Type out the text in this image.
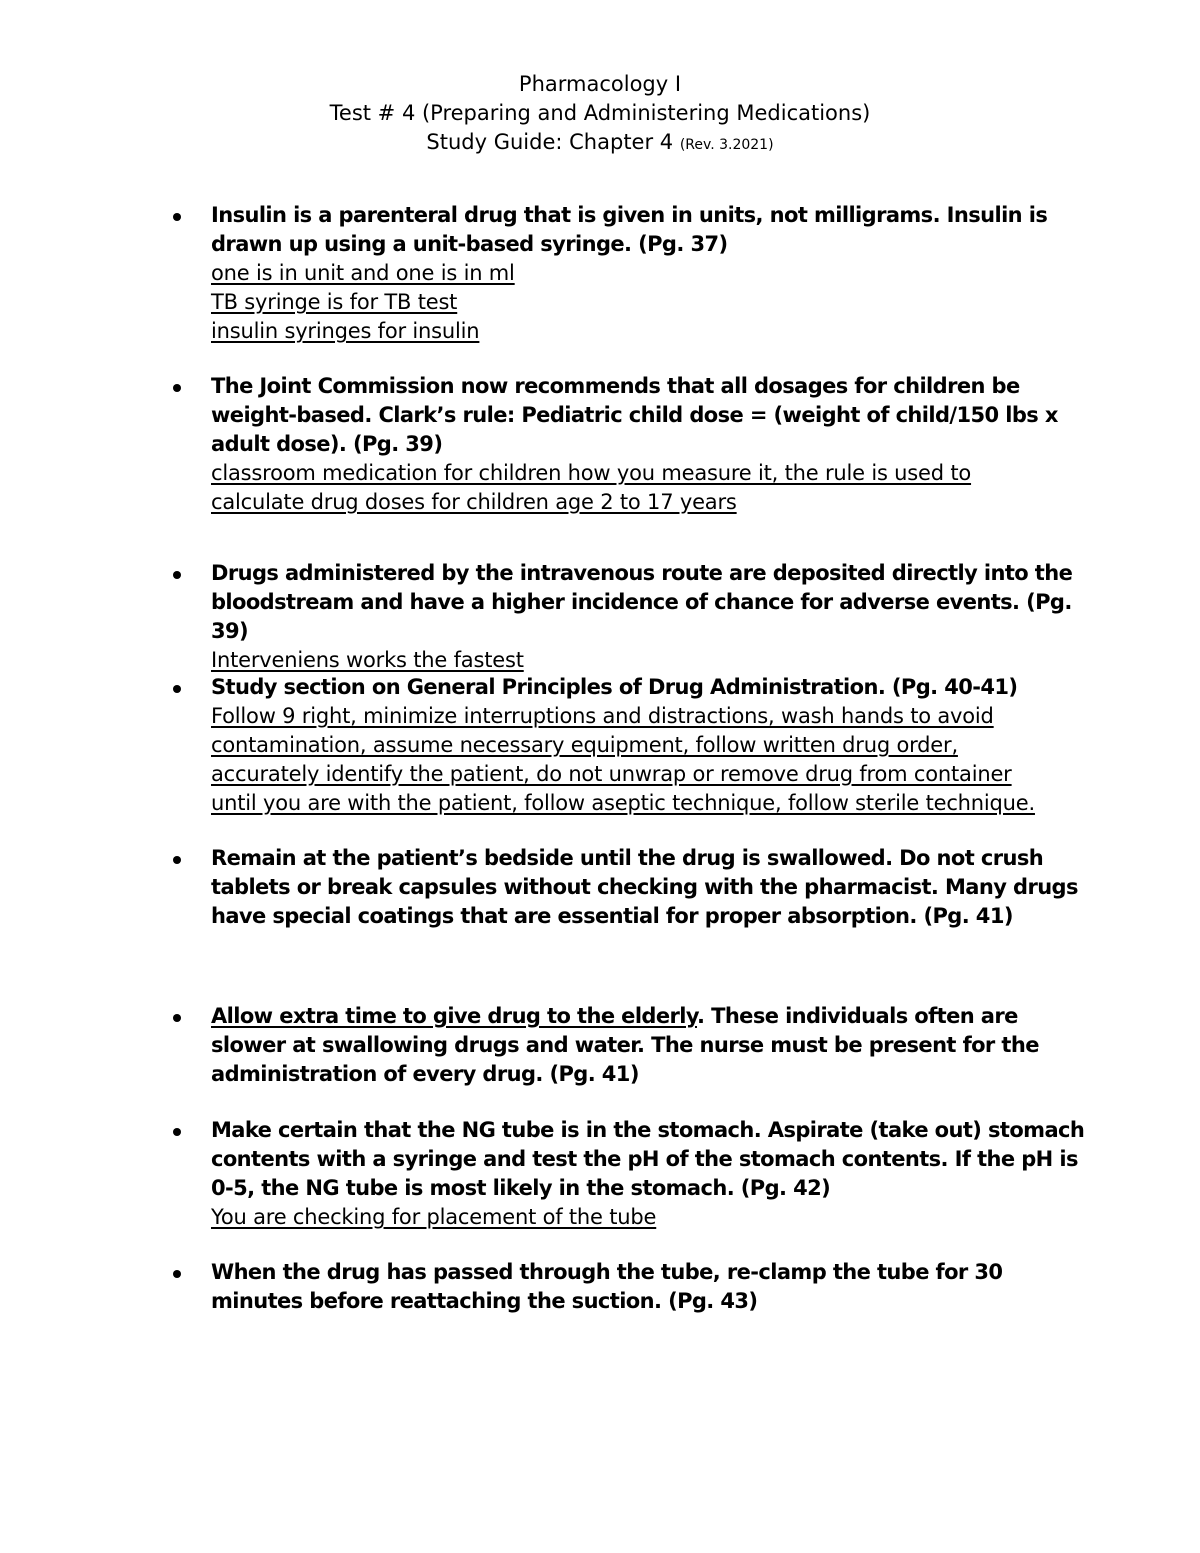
Pharmacology I
Test # 4 (Preparing and Administering Medications)
Study Guide: Chapter 4 (Rev. 3.2021)
Insulin is a parenteral drug that is given in units, not milligrams. Insulin is drawn up using a unit-based syringe. (Pg. 37)
one is in unit and one is in ml
TB syringe is for TB test
insulin syringes for insulin
The Joint Commission now recommends that all dosages for children be weight-based. Clark’s rule: Pediatric child dose = (weight of child/150 lbs x adult dose). (Pg. 39)
classroom medication for children how you measure it, the rule is used to calculate drug doses for children age 2 to 17 years
Drugs administered by the intravenous route are deposited directly into the bloodstream and have a higher incidence of chance for adverse events. (Pg. 39)
Interveniens works the fastest
Study section on General Principles of Drug Administration. (Pg. 40-41)
Follow 9 right, minimize interruptions and distractions, wash hands to avoid contamination, assume necessary equipment, follow written drug order, accurately identify the patient, do not unwrap or remove drug from container until you are with the patient, follow aseptic technique, follow sterile technique.
Remain at the patient’s bedside until the drug is swallowed. Do not crush tablets or break capsules without checking with the pharmacist. Many drugs have special coatings that are essential for proper absorption. (Pg. 41)
Allow extra time to give drug to the elderly. These individuals often are slower at swallowing drugs and water. The nurse must be present for the administration of every drug. (Pg. 41)
Make certain that the NG tube is in the stomach. Aspirate (take out) stomach contents with a syringe and test the pH of the stomach contents. If the pH is 0-5, the NG tube is most likely in the stomach. (Pg. 42)
You are checking for placement of the tube
When the drug has passed through the tube, re-clamp the tube for 30 minutes before reattaching the suction. (Pg. 43)
